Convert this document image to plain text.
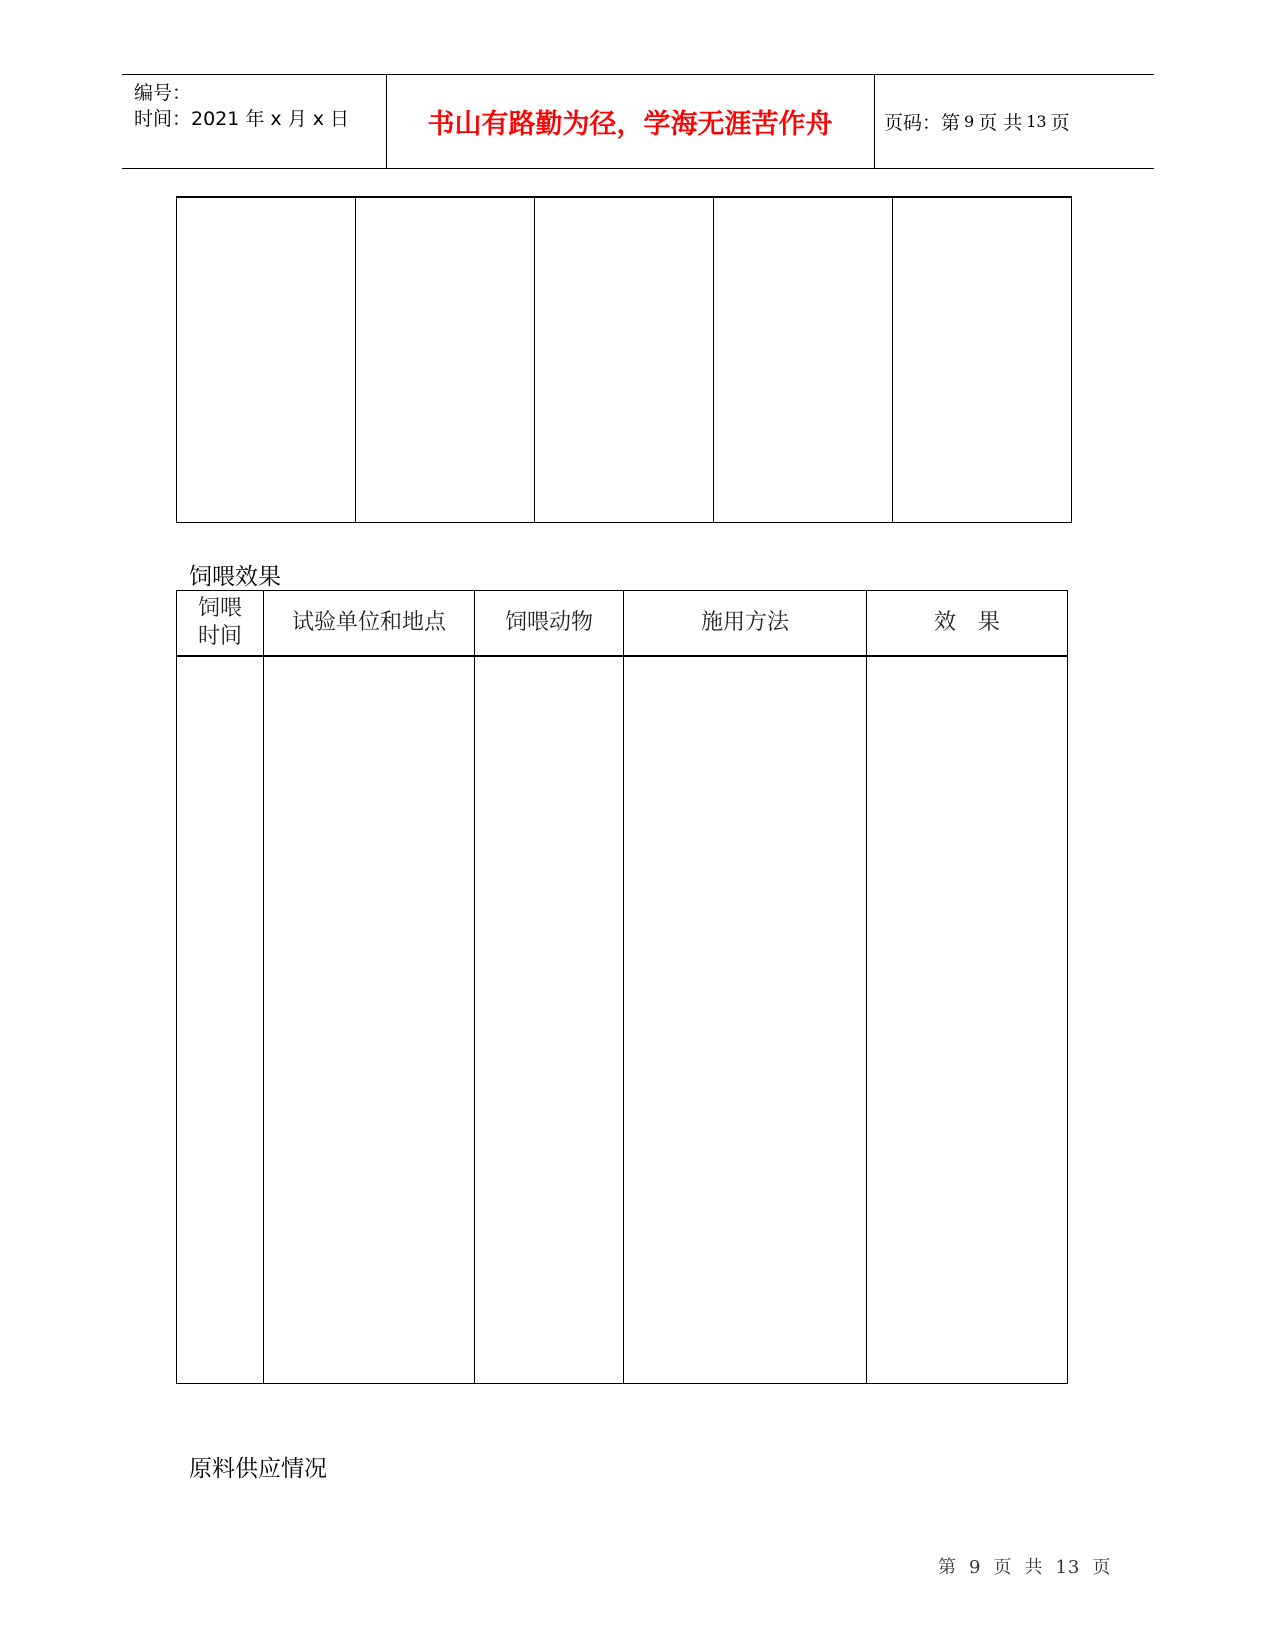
编号：
时间：2021 年 x 月 x 日	书山有路勤为径，学海无涯苦作舟	页码：第 9 页 共 13 页

饲喂效果
饲喂
时间	试验单位和地点	饲喂动物	施用方法	效　果

原料供应情况
第 9 页 共 13 页
